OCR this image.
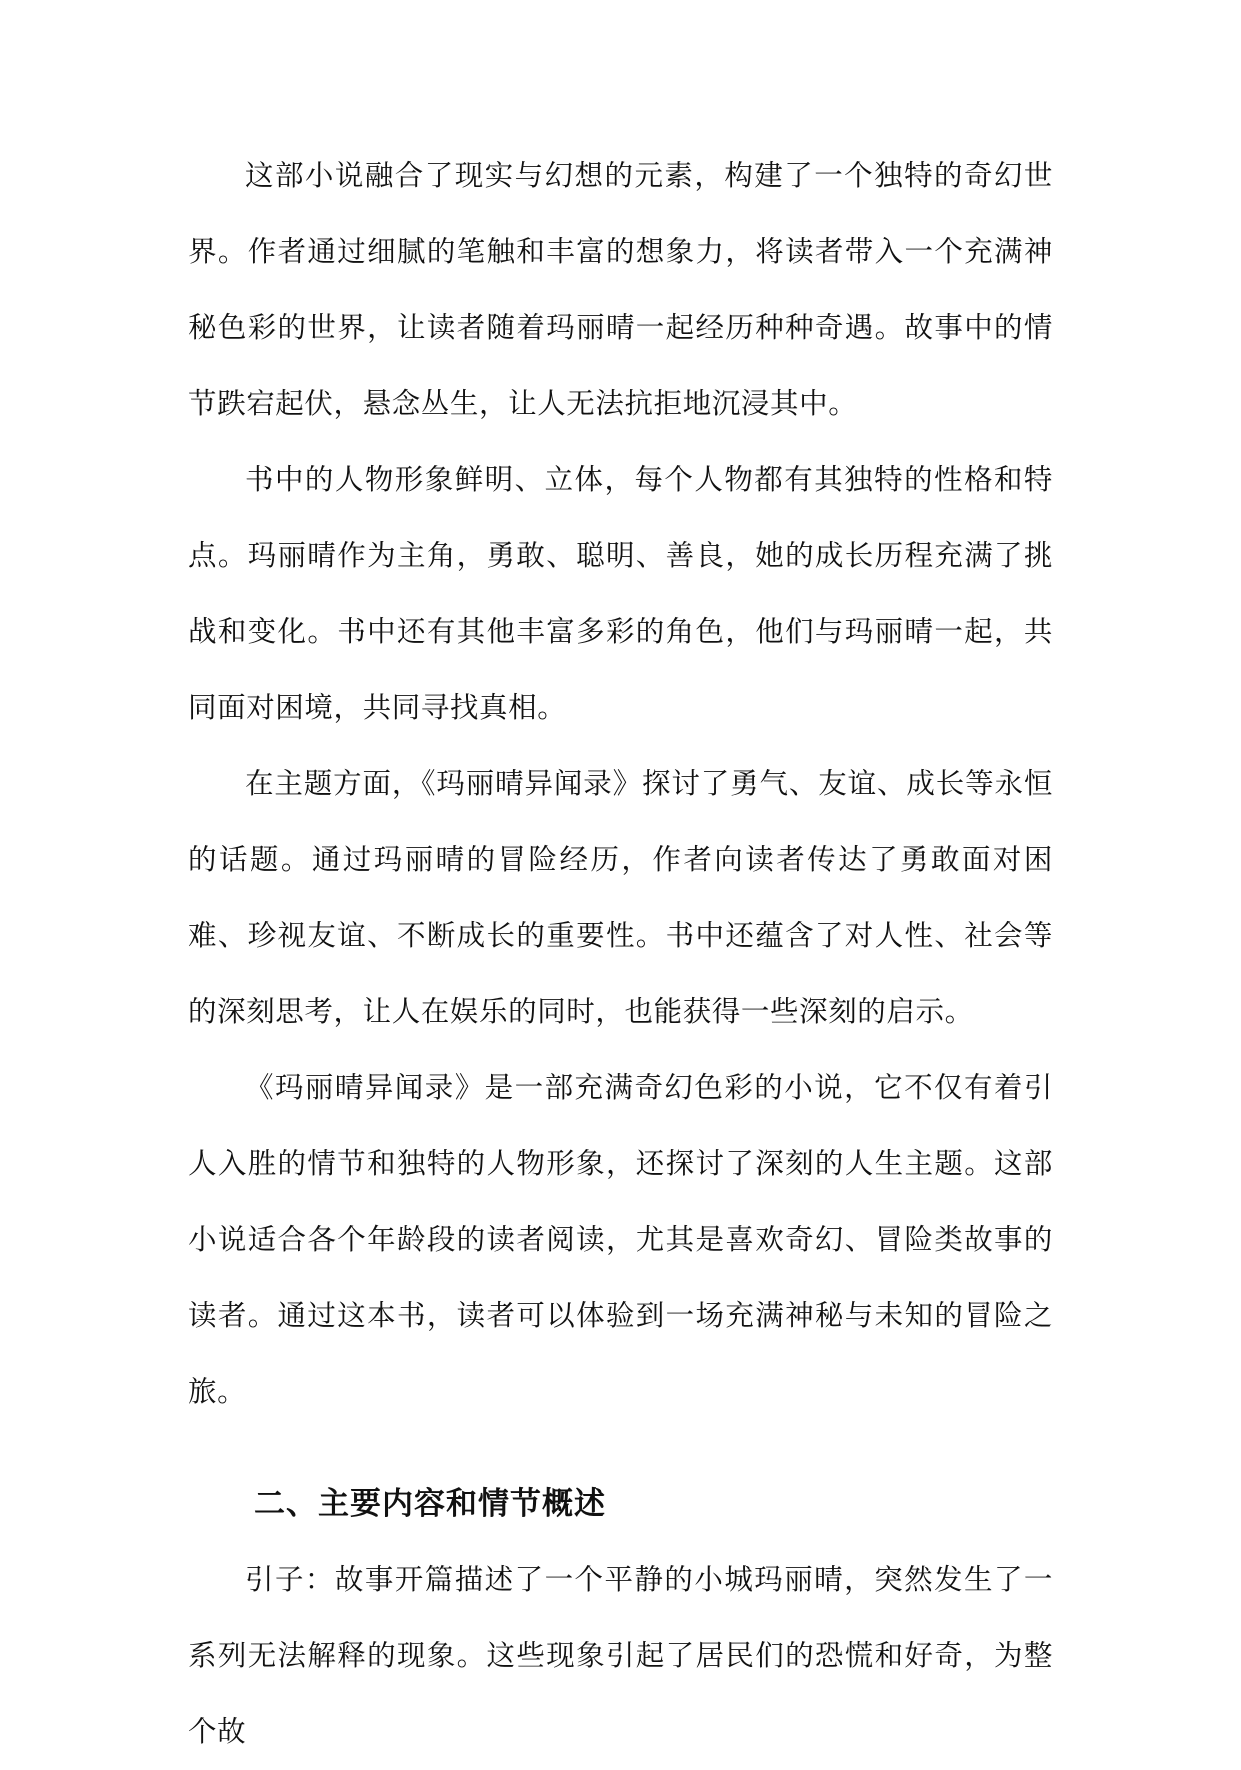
这部小说融合了现实与幻想的元素，构建了一个独特的奇幻世界。作者通过细腻的笔触和丰富的想象力，将读者带入一个充满神秘色彩的世界，让读者随着玛丽晴一起经历种种奇遇。故事中的情节跌宕起伏，悬念丛生，让人无法抗拒地沉浸其中。

书中的人物形象鲜明、立体，每个人物都有其独特的性格和特点。玛丽晴作为主角，勇敢、聪明、善良，她的成长历程充满了挑战和变化。书中还有其他丰富多彩的角色，他们与玛丽晴一起，共同面对困境，共同寻找真相。

在主题方面，《玛丽晴异闻录》探讨了勇气、友谊、成长等永恒的话题。通过玛丽晴的冒险经历，作者向读者传达了勇敢面对困难、珍视友谊、不断成长的重要性。书中还蕴含了对人性、社会等的深刻思考，让人在娱乐的同时，也能获得一些深刻的启示。

《玛丽晴异闻录》是一部充满奇幻色彩的小说，它不仅有着引人入胜的情节和独特的人物形象，还探讨了深刻的人生主题。这部小说适合各个年龄段的读者阅读，尤其是喜欢奇幻、冒险类故事的读者。通过这本书，读者可以体验到一场充满神秘与未知的冒险之旅。

二、主要内容和情节概述

引子：故事开篇描述了一个平静的小城玛丽晴，突然发生了一系列无法解释的现象。这些现象引起了居民们的恐慌和好奇，为整个故
